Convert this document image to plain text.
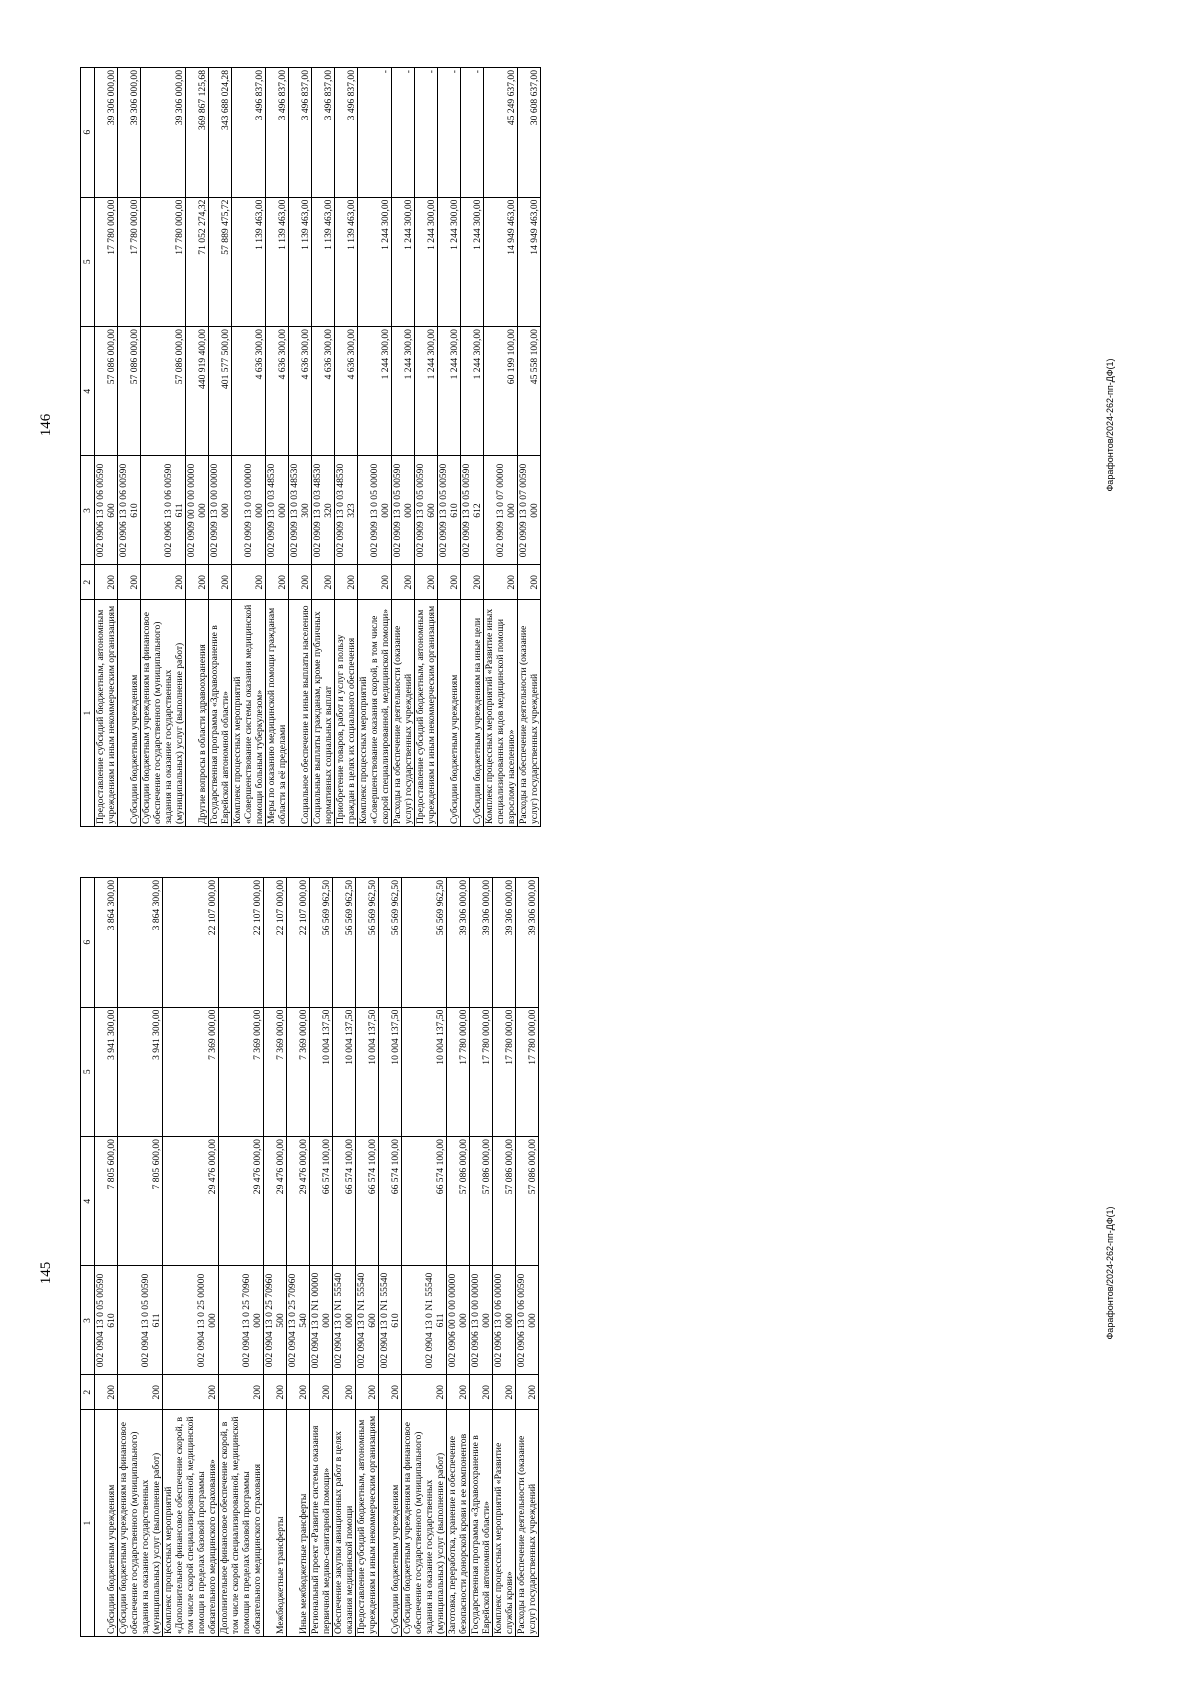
145
1	2	3	4	5	6
Субсидии бюджетным учреждениям	200	002 0904 13 0 05 00590 610	7 805 600,00	3 941 300,00	3 864 300,00
Субсидии бюджетным учреждениям на финансовое обеспечение государственного (муниципального) задания на оказание государственных (муниципальных) услуг (выполнение работ)	200	002 0904 13 0 05 00590 611	7 805 600,00	3 941 300,00	3 864 300,00
Комплекс процессных мероприятий «Дополнительное финансовое обеспечение скорой, в том числе скорой специализированной, медицинской помощи в пределах базовой программы обязательного медицинского страхования»	200	002 0904 13 0 25 00000 000	29 476 000,00	7 369 000,00	22 107 000,00
Дополнительное финансовое обеспечение скорой, в том числе скорой специализированной, медицинской помощи в пределах базовой программы обязательного медицинского страхования	200	002 0904 13 0 25 70960 000	29 476 000,00	7 369 000,00	22 107 000,00
Межбюджетные трансферты	200	002 0904 13 0 25 70960 500	29 476 000,00	7 369 000,00	22 107 000,00
Иные межбюджетные трансферты	200	002 0904 13 0 25 70960 540	29 476 000,00	7 369 000,00	22 107 000,00
Региональный проект «Развитие системы оказания первичной медико-санитарной помощи»	200	002 0904 13 0 N1 00000 000	66 574 100,00	10 004 137,50	56 569 962,50
Обеспечение закупки авиационных работ в целях оказания медицинской помощи	200	002 0904 13 0 N1 55540 000	66 574 100,00	10 004 137,50	56 569 962,50
Предоставление субсидий бюджетным, автономным учреждениям и иным некоммерческим организациям	200	002 0904 13 0 N1 55540 600	66 574 100,00	10 004 137,50	56 569 962,50
Субсидии бюджетным учреждениям	200	002 0904 13 0 N1 55540 610	66 574 100,00	10 004 137,50	56 569 962,50
Субсидии бюджетным учреждениям на финансовое обеспечение государственного (муниципального) задания на оказание государственных (муниципальных) услуг (выполнение работ)	200	002 0904 13 0 N1 55540 611	66 574 100,00	10 004 137,50	56 569 962,50
Заготовка, переработка, хранение и обеспечение безопасности донорской крови и ее компонентов	200	002 0906 00 0 00 00000 000	57 086 000,00	17 780 000,00	39 306 000,00
Государственная программа «Здравоохранение в Еврейской автономной области»	200	002 0906 13 0 00 00000 000	57 086 000,00	17 780 000,00	39 306 000,00
Комплекс процессных мероприятий «Развитие службы крови»	200	002 0906 13 0 06 00000 000	57 086 000,00	17 780 000,00	39 306 000,00
Расходы на обеспечение деятельности (оказание услуг) государственных учреждений	200	002 0906 13 0 06 00590 000	57 086 000,00	17 780 000,00	39 306 000,00
Фарафонтов/2024-262-пп-ДФ(1)
146
1	2	3	4	5	6
Предоставление субсидий бюджетным, автономным учреждениям и иным некоммерческим организациям	200	002 0906 13 0 06 00590 600	57 086 000,00	17 780 000,00	39 306 000,00
Субсидии бюджетным учреждениям	200	002 0906 13 0 06 00590 610	57 086 000,00	17 780 000,00	39 306 000,00
Субсидии бюджетным учреждениям на финансовое обеспечение государственного (муниципального) задания на оказание государственных (муниципальных) услуг (выполнение работ)	200	002 0906 13 0 06 00590 611	57 086 000,00	17 780 000,00	39 306 000,00
Другие вопросы в области здравоохранения	200	002 0909 00 0 00 00000 000	440 919 400,00	71 052 274,32	369 867 125,68
Государственная программа «Здравоохранение в Еврейской автономной области»	200	002 0909 13 0 00 00000 000	401 577 500,00	57 889 475,72	343 688 024,28
Комплекс процессных мероприятий «Совершенствование системы оказания медицинской помощи больным туберкулезом»	200	002 0909 13 0 03 00000 000	4 636 300,00	1 139 463,00	3 496 837,00
Меры по оказанию медицинской помощи гражданам области за её пределами	200	002 0909 13 0 03 48530 000	4 636 300,00	1 139 463,00	3 496 837,00
Социальное обеспечение и иные выплаты населению	200	002 0909 13 0 03 48530 300	4 636 300,00	1 139 463,00	3 496 837,00
Социальные выплаты гражданам, кроме публичных нормативных социальных выплат	200	002 0909 13 0 03 48530 320	4 636 300,00	1 139 463,00	3 496 837,00
Приобретение товаров, работ и услуг в пользу граждан в целях их социального обеспечения	200	002 0909 13 0 03 48530 323	4 636 300,00	1 139 463,00	3 496 837,00
Комплекс процессных мероприятий «Совершенствование оказания скорой, в том числе скорой специализированной, медицинской помощи»	200	002 0909 13 0 05 00000 000	1 244 300,00	1 244 300,00	-
Расходы на обеспечение деятельности (оказание услуг) государственных учреждений	200	002 0909 13 0 05 00590 000	1 244 300,00	1 244 300,00	-
Предоставление субсидий бюджетным, автономным учреждениям и иным некоммерческим организациям	200	002 0909 13 0 05 00590 600	1 244 300,00	1 244 300,00	-
Субсидии бюджетным учреждениям	200	002 0909 13 0 05 00590 610	1 244 300,00	1 244 300,00	-
Субсидии бюджетным учреждениям на иные цели	200	002 0909 13 0 05 00590 612	1 244 300,00	1 244 300,00	-
Комплекс процессных мероприятий «Развитие иных специализированных видов медицинской помощи взрослому населению»	200	002 0909 13 0 07 00000 000	60 199 100,00	14 949 463,00	45 249 637,00
Расходы на обеспечение деятельности (оказание услуг) государственных учреждений	200	002 0909 13 0 07 00590 000	45 558 100,00	14 949 463,00	30 608 637,00
Фарафонтов/2024-262-пп-ДФ(1)
